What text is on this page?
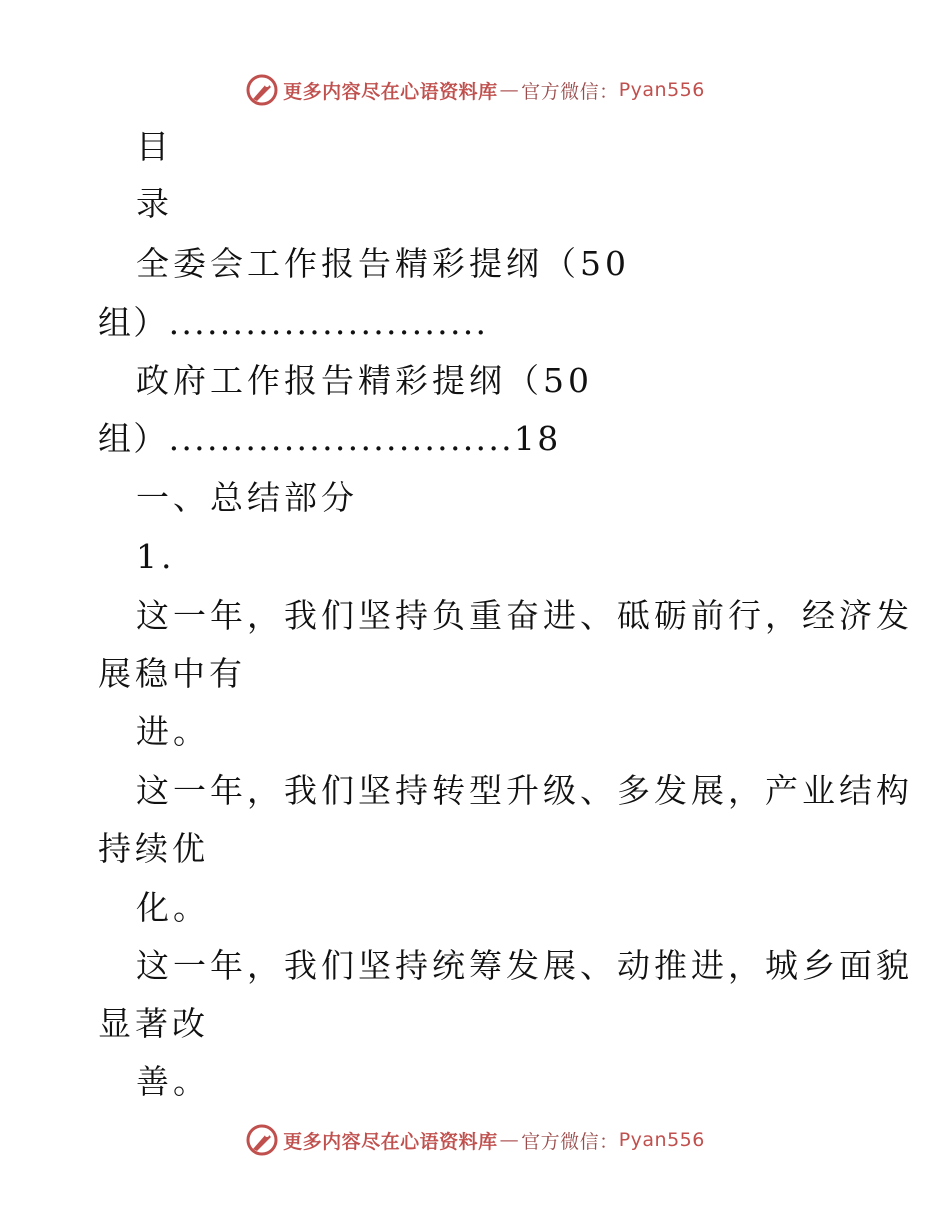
更多内容尽在心语资料库 — 官方微信： Pyan556
目
录
全委会工作报告精彩提纲（50
组）.........................
政府工作报告精彩提纲（50
组）...........................18
一、总结部分
1.
这一年，我们坚持负重奋进、砥砺前行，经济发
展稳中有
进。
这一年，我们坚持转型升级、多发展，产业结构
持续优
化。
这一年，我们坚持统筹发展、动推进，城乡面貌
显著改
善。
更多内容尽在心语资料库 — 官方微信： Pyan556
